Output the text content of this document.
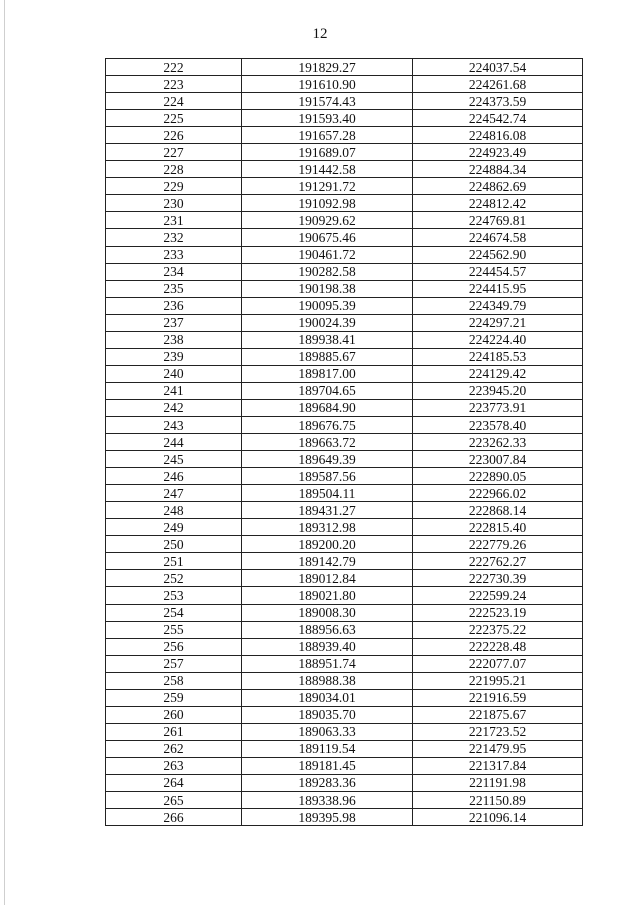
12
222	191829.27	224037.54
223	191610.90	224261.68
224	191574.43	224373.59
225	191593.40	224542.74
226	191657.28	224816.08
227	191689.07	224923.49
228	191442.58	224884.34
229	191291.72	224862.69
230	191092.98	224812.42
231	190929.62	224769.81
232	190675.46	224674.58
233	190461.72	224562.90
234	190282.58	224454.57
235	190198.38	224415.95
236	190095.39	224349.79
237	190024.39	224297.21
238	189938.41	224224.40
239	189885.67	224185.53
240	189817.00	224129.42
241	189704.65	223945.20
242	189684.90	223773.91
243	189676.75	223578.40
244	189663.72	223262.33
245	189649.39	223007.84
246	189587.56	222890.05
247	189504.11	222966.02
248	189431.27	222868.14
249	189312.98	222815.40
250	189200.20	222779.26
251	189142.79	222762.27
252	189012.84	222730.39
253	189021.80	222599.24
254	189008.30	222523.19
255	188956.63	222375.22
256	188939.40	222228.48
257	188951.74	222077.07
258	188988.38	221995.21
259	189034.01	221916.59
260	189035.70	221875.67
261	189063.33	221723.52
262	189119.54	221479.95
263	189181.45	221317.84
264	189283.36	221191.98
265	189338.96	221150.89
266	189395.98	221096.14
